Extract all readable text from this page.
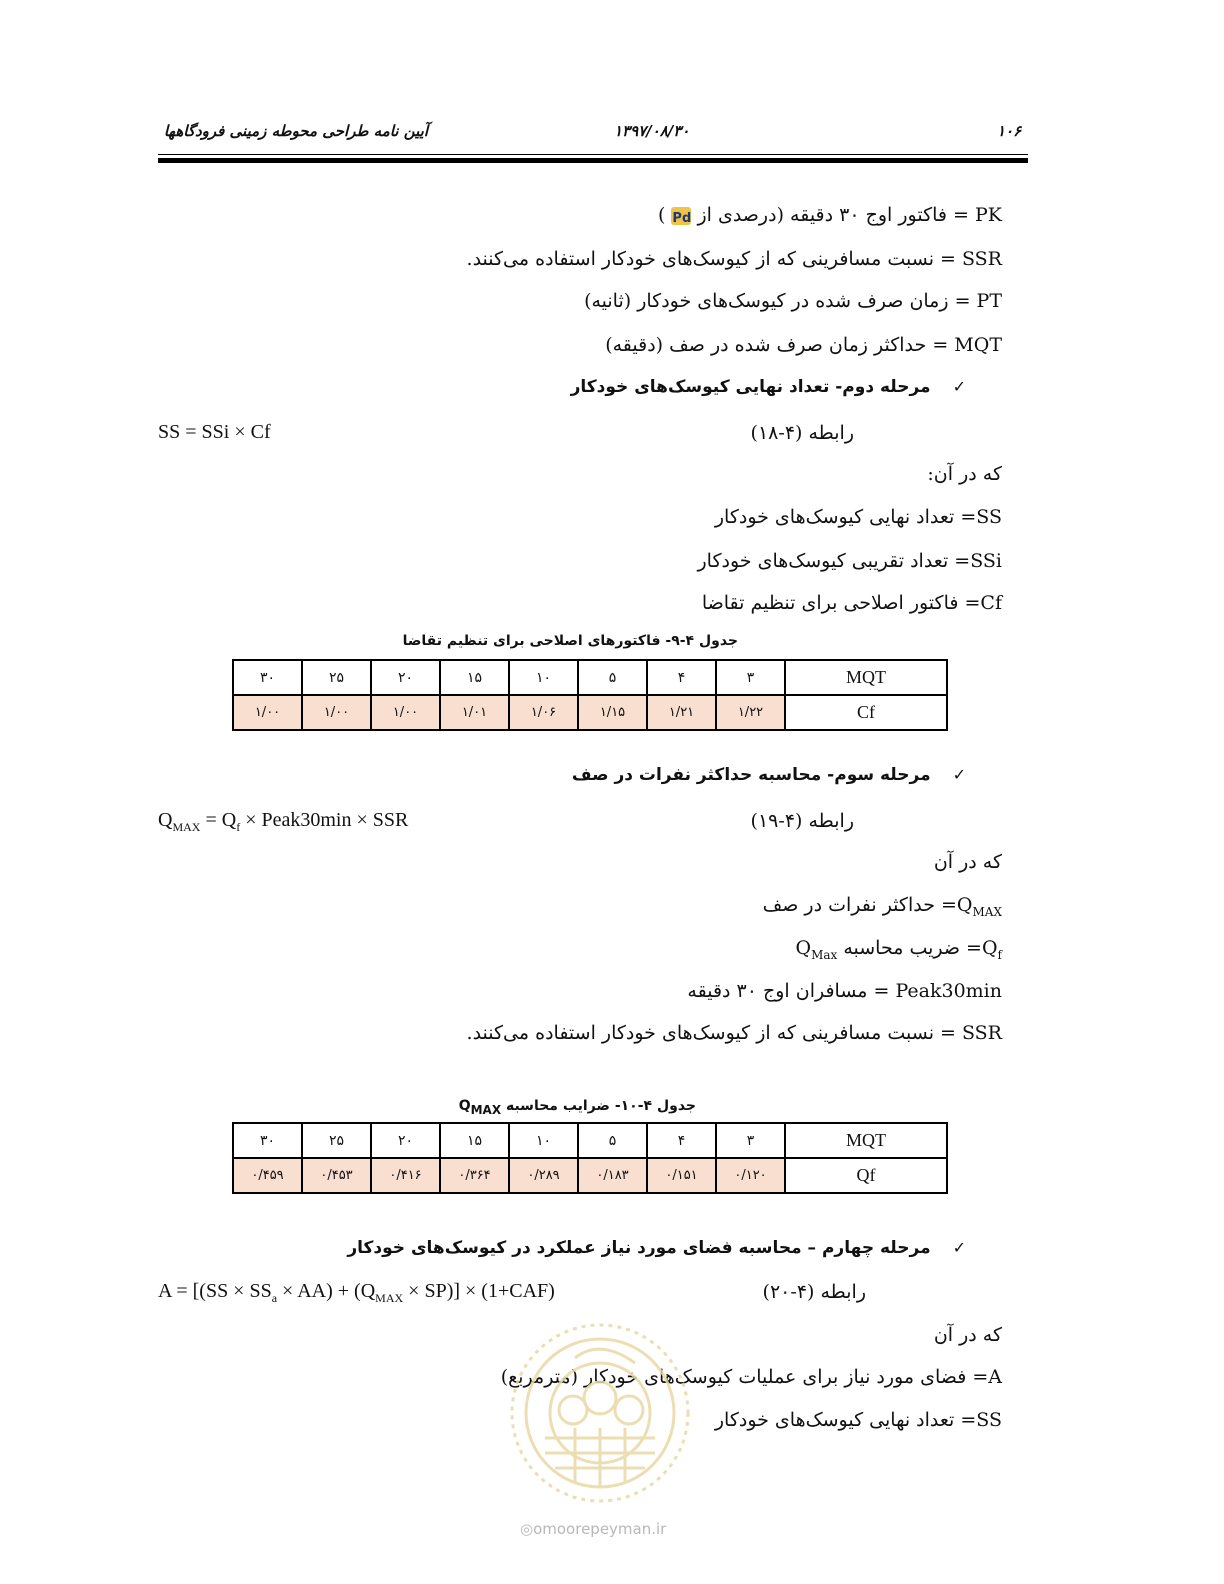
۱۰۶
۱۳۹۷/۰۸/۳۰
آیین نامه طراحی محوطه زمینی فرودگاهها
PK = فاکتور اوج ۳۰ دقیقه (درصدی از Pd )
SSR = نسبت مسافرینی که از کیوسک‌های خودکار استفاده می‌کنند.
PT = زمان صرف شده در کیوسک‌های خودکار (ثانیه)
MQT = حداکثر زمان صرف شده در صف (دقیقه)
✓مرحله دوم- تعداد نهایی کیوسک‌های خودکار
رابطه (۴-۱۸)
SS = SSi × Cf
که در آن:
SS= تعداد نهایی کیوسک‌های خودکار
SSi= تعداد تقریبی کیوسک‌های خودکار
Cf= فاکتور اصلاحی برای تنظیم تقاضا
جدول ۴-۹- فاکتورهای اصلاحی برای تنظیم تقاضا
MQT	۳	۴	۵	۱۰	۱۵	۲۰	۲۵	۳۰
Cf	۱/۲۲	۱/۲۱	۱/۱۵	۱/۰۶	۱/۰۱	۱/۰۰	۱/۰۰	۱/۰۰
✓مرحله سوم- محاسبه حداکثر نفرات در صف
رابطه (۴-۱۹)
$Q_{MAX} = Q_f$ × Peak30min × SSR
که در آن
$Q_{MAX}=$ حداکثر نفرات در صف
$Q_f=$ ضریب محاسبه $Q_{Max}$
Peak30min = مسافران اوج ۳۰ دقیقه
SSR = نسبت مسافرینی که از کیوسک‌های خودکار استفاده می‌کنند.
جدول ۴-۱۰- ضرایب محاسبه $Q_{MAX}$
MQT	۳	۴	۵	۱۰	۱۵	۲۰	۲۵	۳۰
Qf	۰/۱۲۰	۰/۱۵۱	۰/۱۸۳	۰/۲۸۹	۰/۳۶۴	۰/۴۱۶	۰/۴۵۳	۰/۴۵۹
✓مرحله چهارم – محاسبه فضای مورد نیاز عملکرد در کیوسک‌های خودکار
رابطه (۴-۲۰)
$A = [(SS \times SS_a \times AA) + (Q_{MAX} \times SP)] \times (1+CAF)$
که در آن
A= فضای مورد نیاز برای عملیات کیوسک‌های خودکار (مترمربع)
SS= تعداد نهایی کیوسک‌های خودکار
◎omoorepeyman.ir
